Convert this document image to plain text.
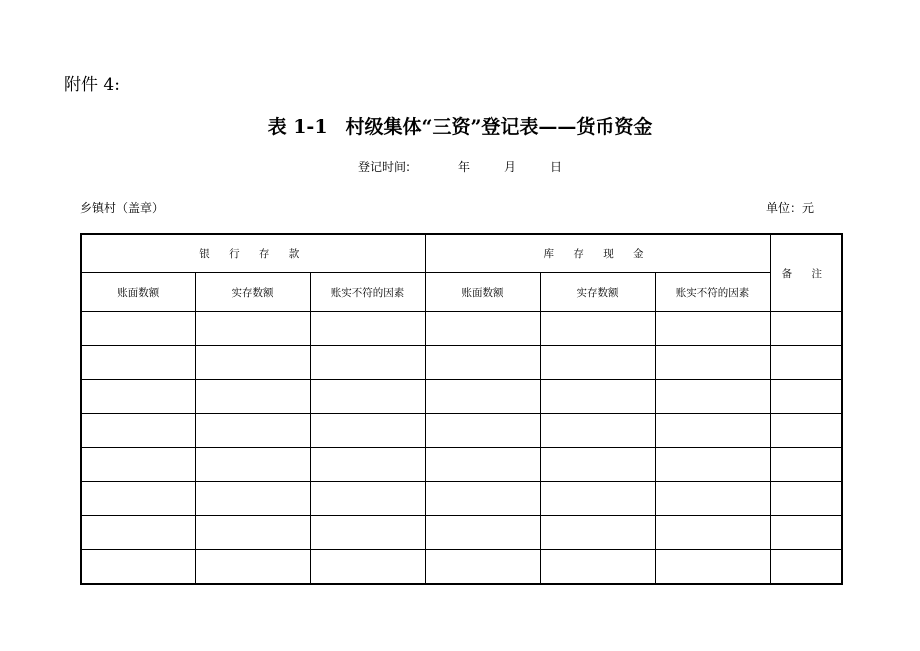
附件 4:
表 1-1 村级集体“三资”登记表——货币资金
登记时间:	年	月	日
乡镇村（盖章）	单位：元
银 行 存 款			库 存 现 金			备 注
账面数额	实存数额	账实不符的因素	账面数额	实存数额	账实不符的因素	
